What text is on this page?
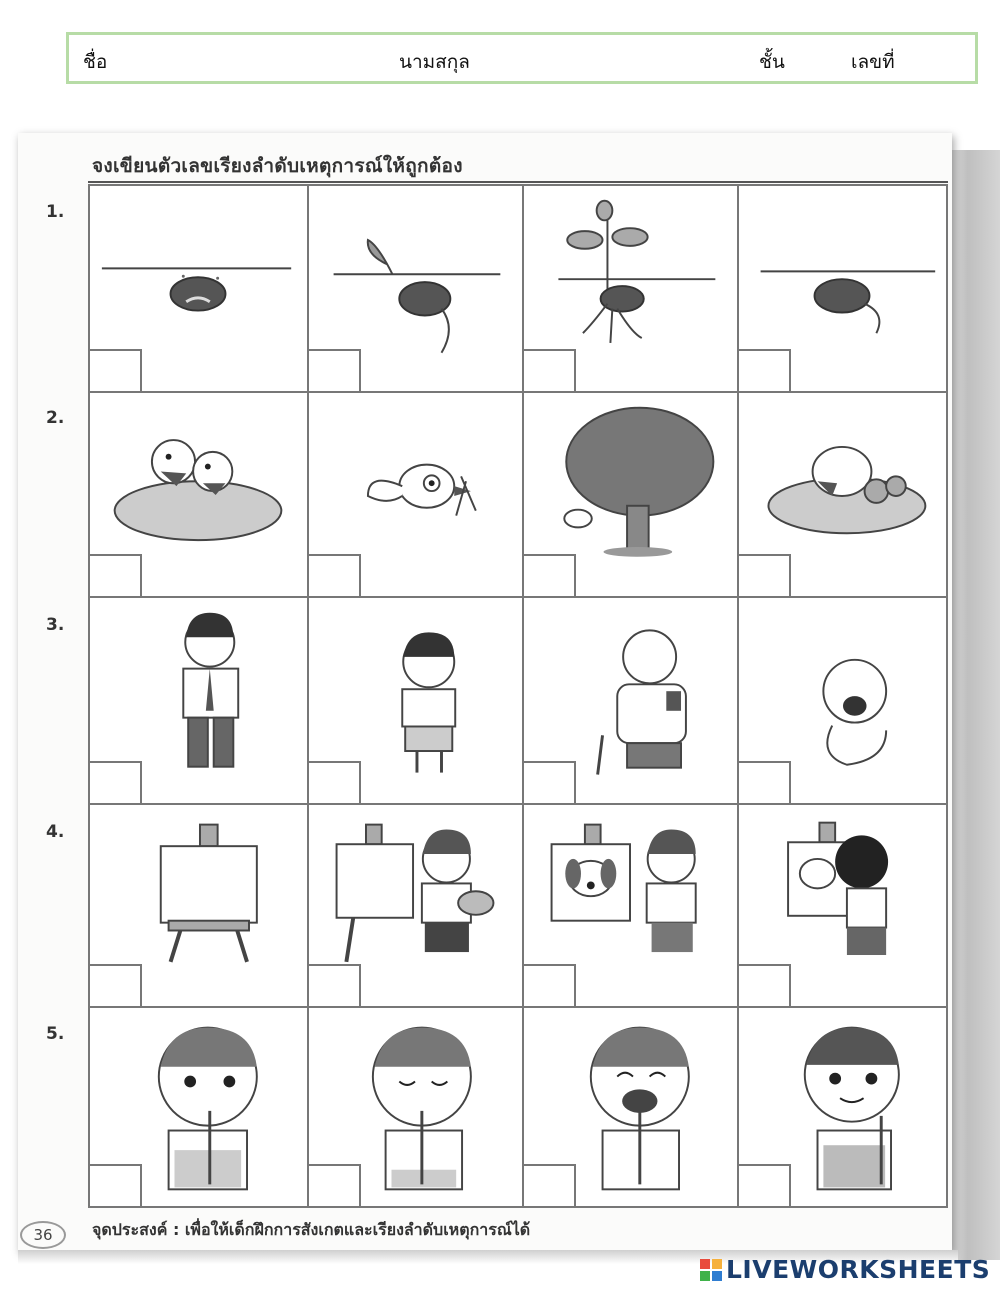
ชื่อ	นามสกุล	ชั้น	เลขที่
จงเขียนตัวเลขเรียงลำดับเหตุการณ์ให้ถูกต้อง
1.
2.
3.
4.
5.
36	จุดประสงค์ : เพื่อให้เด็กฝึกการสังเกตและเรียงลำดับเหตุการณ์ได้
LIVEWORKSHEETS
